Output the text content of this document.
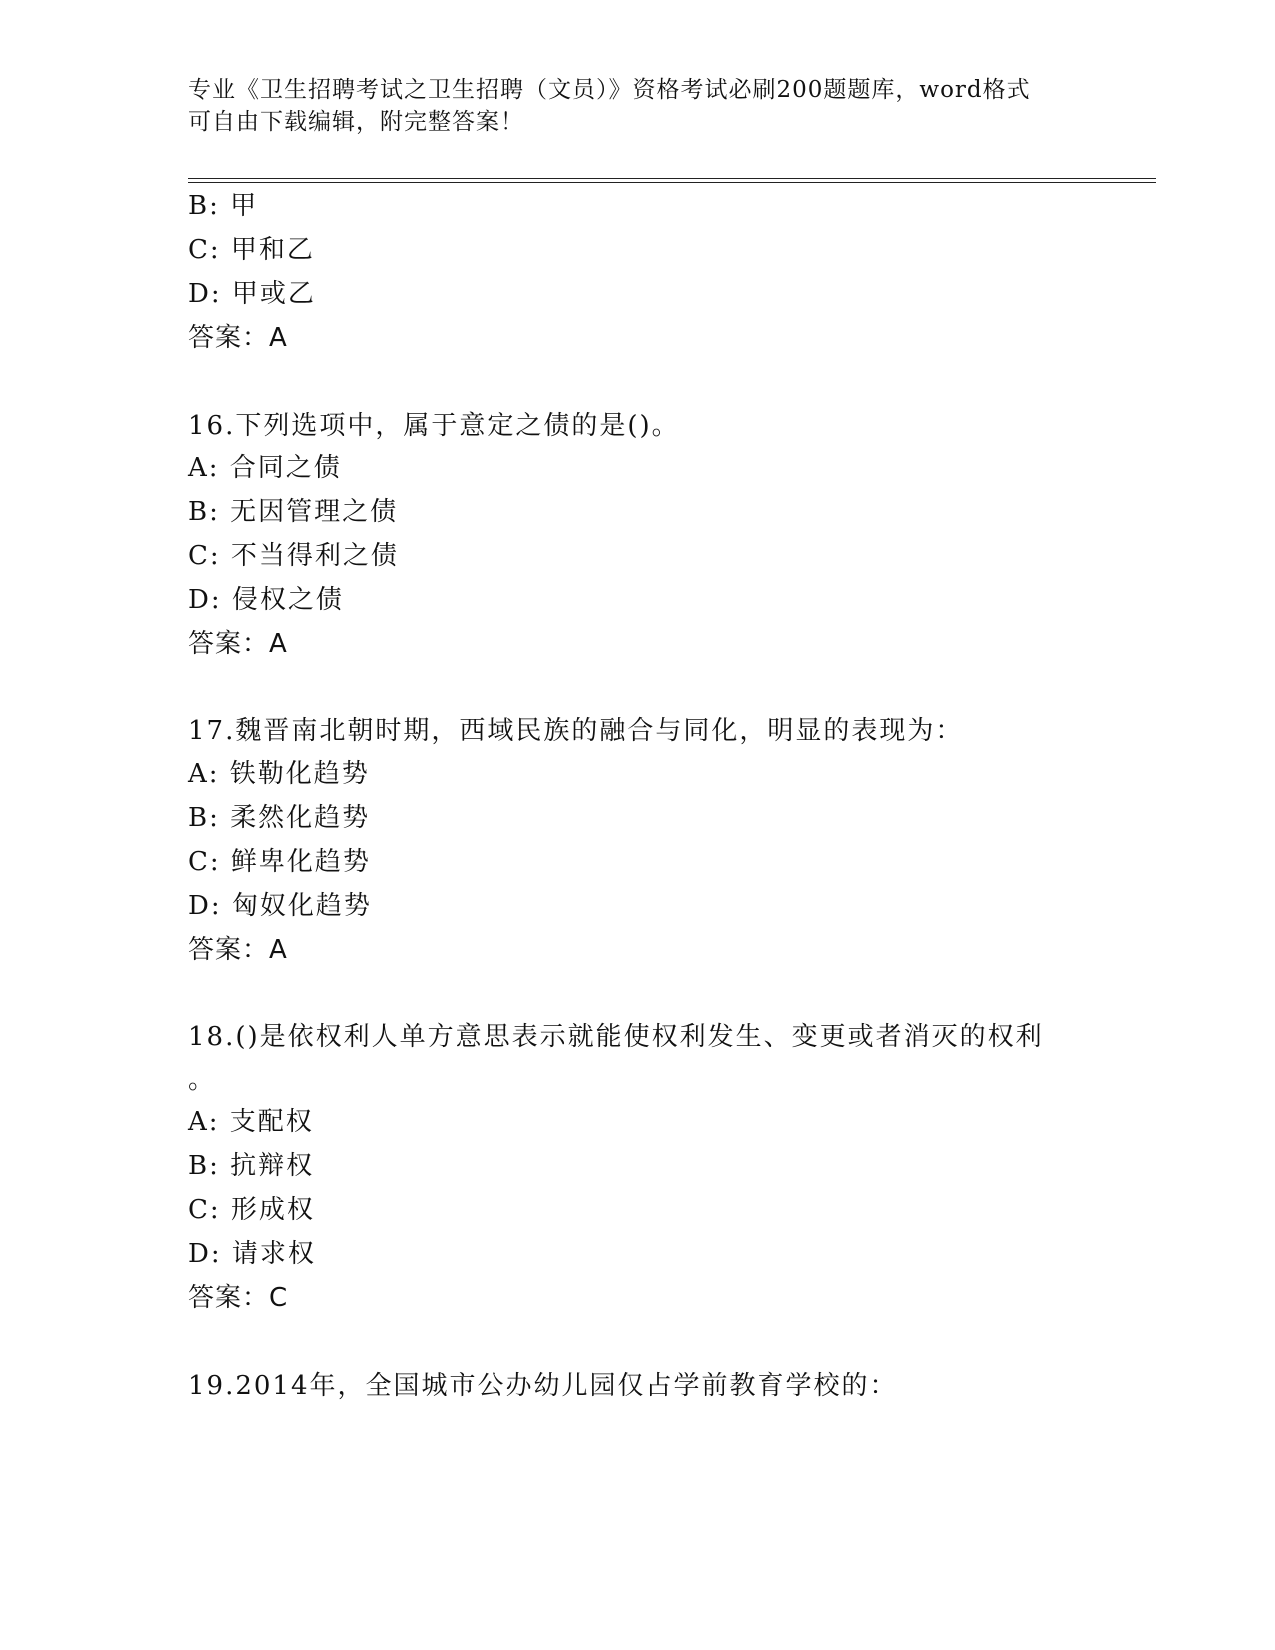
专业《卫生招聘考试之卫生招聘（文员）》资格考试必刷200题题库，word格式
可自由下载编辑，附完整答案！
B: 甲
C: 甲和乙
D: 甲或乙
答案：A
16.下列选项中，属于意定之债的是()。
A: 合同之债
B: 无因管理之债
C: 不当得利之债
D: 侵权之债
答案：A
17.魏晋南北朝时期，西域民族的融合与同化，明显的表现为：
A: 铁勒化趋势
B: 柔然化趋势
C: 鲜卑化趋势
D: 匈奴化趋势
答案：A
18.()是依权利人单方意思表示就能使权利发生、变更或者消灭的权利
。
A: 支配权
B: 抗辩权
C: 形成权
D: 请求权
答案：C
19.2014年，全国城市公办幼儿园仅占学前教育学校的：
